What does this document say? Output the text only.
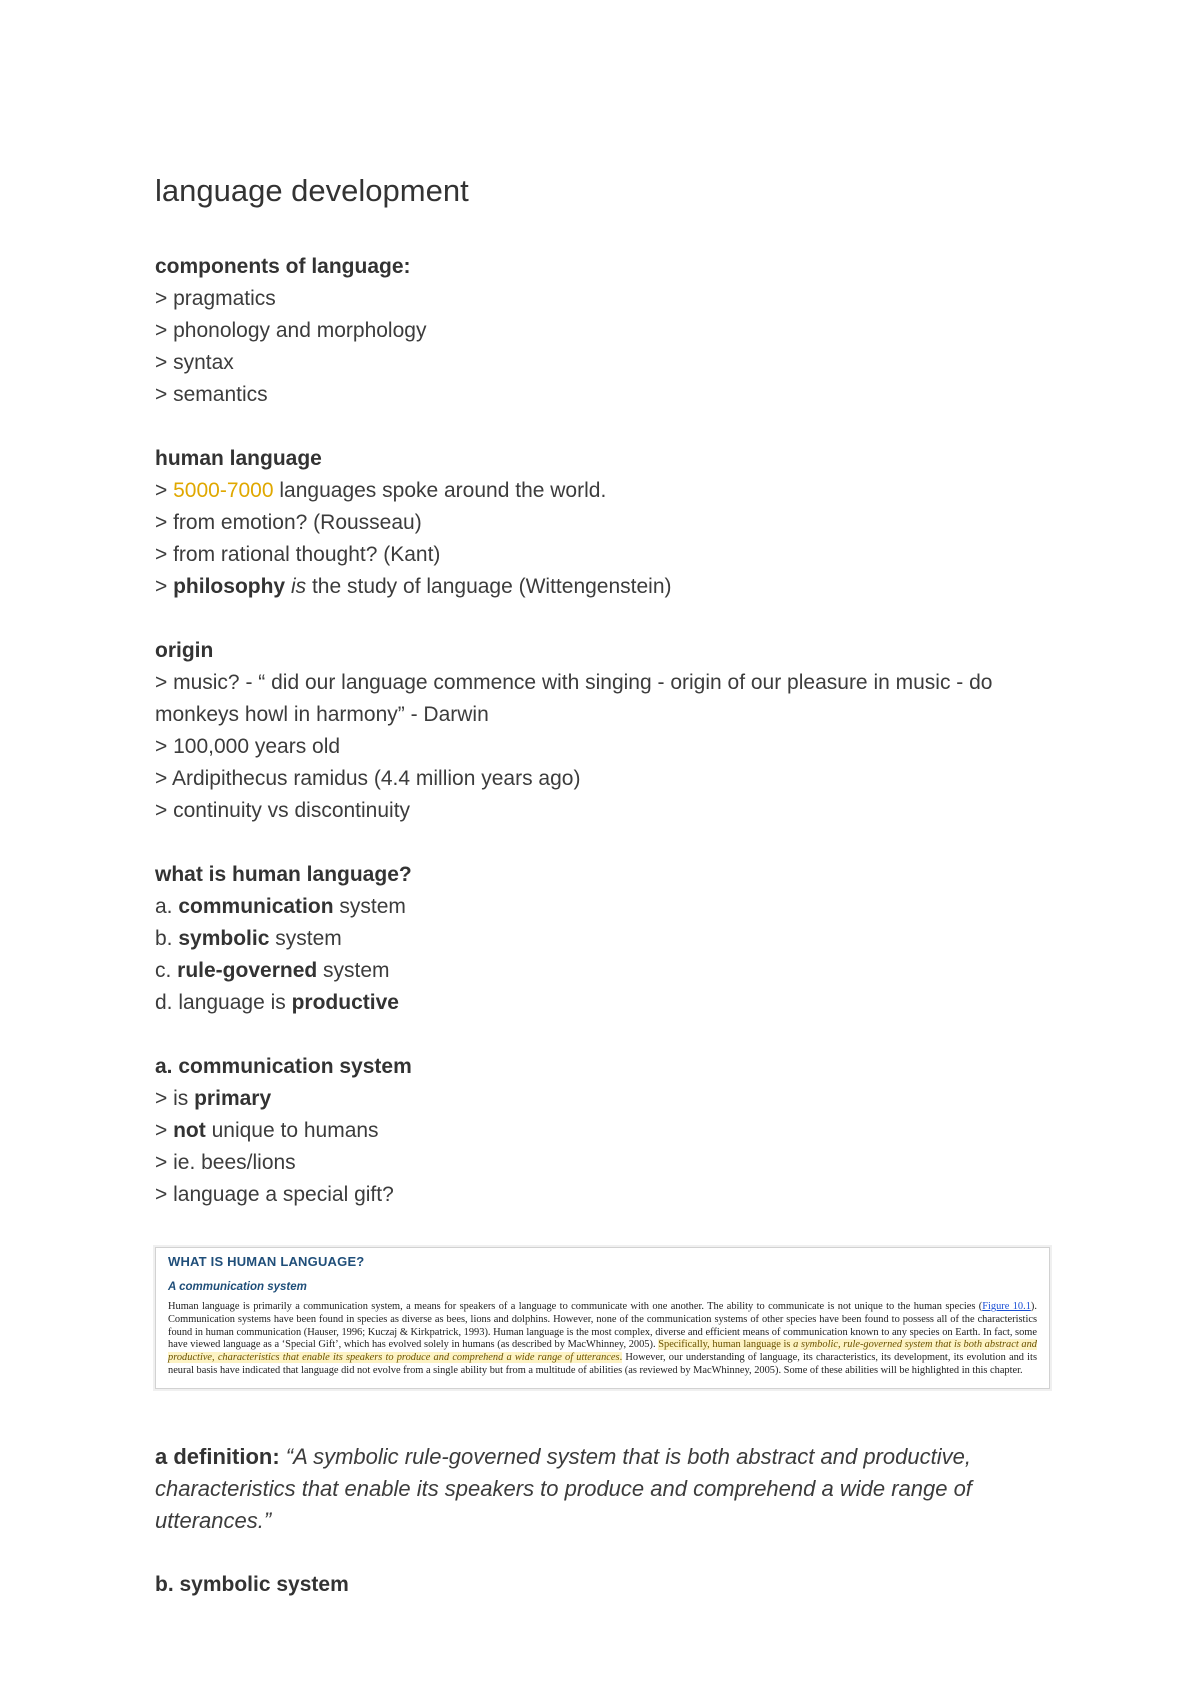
language development

components of language:

> pragmatics

> phonology and morphology

> syntax

> semantics

human language

> 5000-7000 languages spoke around the world.

> from emotion? (Rousseau)

> from rational thought? (Kant)

> philosophy is the study of language (Wittengenstein)

origin

> music? - “ did our language commence with singing - origin of our pleasure in music - do monkeys howl in harmony” - Darwin

> 100,000 years old

> Ardipithecus ramidus (4.4 million years ago)

> continuity vs discontinuity

what is human language?

a. communication system

b. symbolic system

c. rule-governed system

d. language is productive

a. communication system

> is primary

> not unique to humans

> ie. bees/lions

> language a special gift?

WHAT IS HUMAN LANGUAGE?

A communication system

Human language is primarily a communication system, a means for speakers of a language to communicate with one another. The ability to communicate is not unique to the human species (Figure 10.1). Communication systems have been found in species as diverse as bees, lions and dolphins. However, none of the communication systems of other species have been found to possess all of the characteristics found in human communication (Hauser, 1996; Kuczaj & Kirkpatrick, 1993). Human language is the most complex, diverse and efficient means of communication known to any species on Earth. In fact, some have viewed language as a ‘Special Gift’, which has evolved solely in humans (as described by MacWhinney, 2005). Specifically, human language is a symbolic, rule-governed system that is both abstract and productive, characteristics that enable its speakers to produce and comprehend a wide range of utterances. However, our understanding of language, its characteristics, its development, its evolution and its neural basis have indicated that language did not evolve from a single ability but from a multitude of abilities (as reviewed by MacWhinney, 2005). Some of these abilities will be highlighted in this chapter.

a definition: “A symbolic rule-governed system that is both abstract and productive, characteristics that enable its speakers to produce and comprehend a wide range of utterances.”

b. symbolic system
